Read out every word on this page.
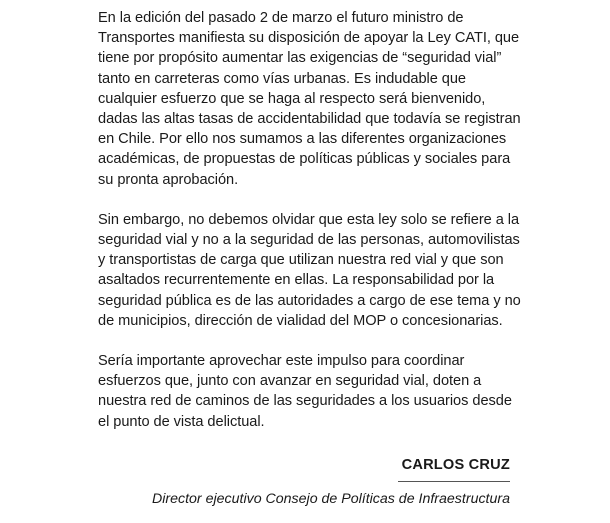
En la edición del pasado 2 de marzo el futuro ministro de
Transportes manifiesta su disposición de apoyar la Ley CATI, que
tiene por propósito aumentar las exigencias de “seguridad vial”
tanto en carreteras como vías urbanas. Es indudable que
cualquier esfuerzo que se haga al respecto será bienvenido,
dadas las altas tasas de accidentabilidad que todavía se registran
en Chile. Por ello nos sumamos a las diferentes organizaciones
académicas, de propuestas de políticas públicas y sociales para
su pronta aprobación.

Sin embargo, no debemos olvidar que esta ley solo se refiere a la
seguridad vial y no a la seguridad de las personas, automovilistas
y transportistas de carga que utilizan nuestra red vial y que son
asaltados recurrentemente en ellas. La responsabilidad por la
seguridad pública es de las autoridades a cargo de ese tema y no
de municipios, dirección de vialidad del MOP o concesionarias.

Sería importante aprovechar este impulso para coordinar
esfuerzos que, junto con avanzar en seguridad vial, doten a
nuestra red de caminos de las seguridades a los usuarios desde
el punto de vista delictual.

CARLOS CRUZ
Director ejecutivo Consejo de Políticas de Infraestructura
